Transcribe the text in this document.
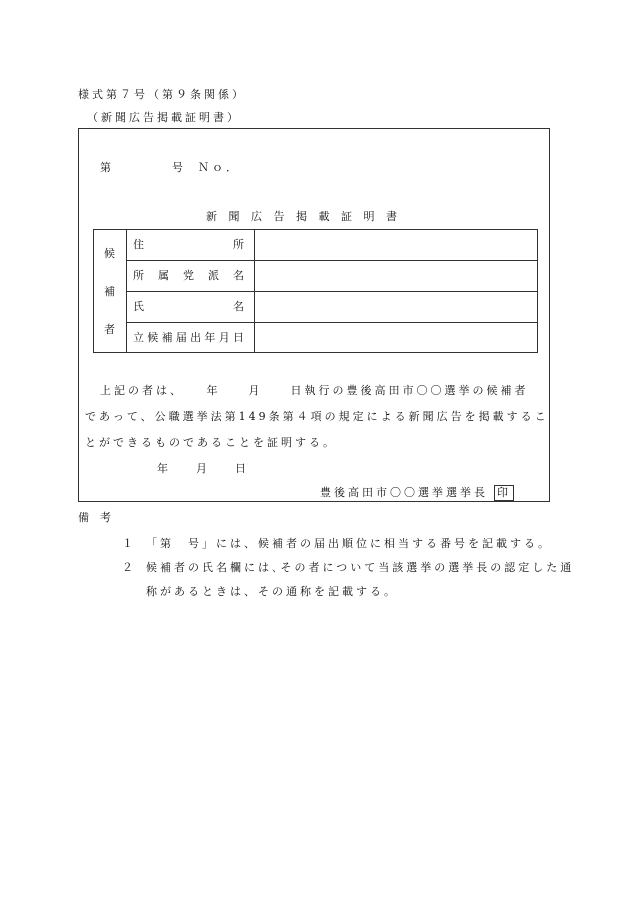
様式第７号（第９条関係）
（新聞広告掲載証明書）
第	号 Ｎｏ．
新 聞 広 告 掲 載 証 明 書
候
補
者
住　　　　　所
所 属 党 派 名
氏　　　　　名
立候補届出年月日
上記の者は、　　年　　月　　日執行の豊後高田市〇〇選挙の候補者
であって、公職選挙法第149条第４項の規定による新聞広告を掲載するこ
とができるものであることを証明する。
年　　月　　日
豊後高田市〇〇選挙選挙長 印
備　考
１ 「第　号」には、候補者の届出順位に相当する番号を記載する。
２ 候補者の氏名欄には､その者について当該選挙の選挙長の認定した通
称があるときは、その通称を記載する。
